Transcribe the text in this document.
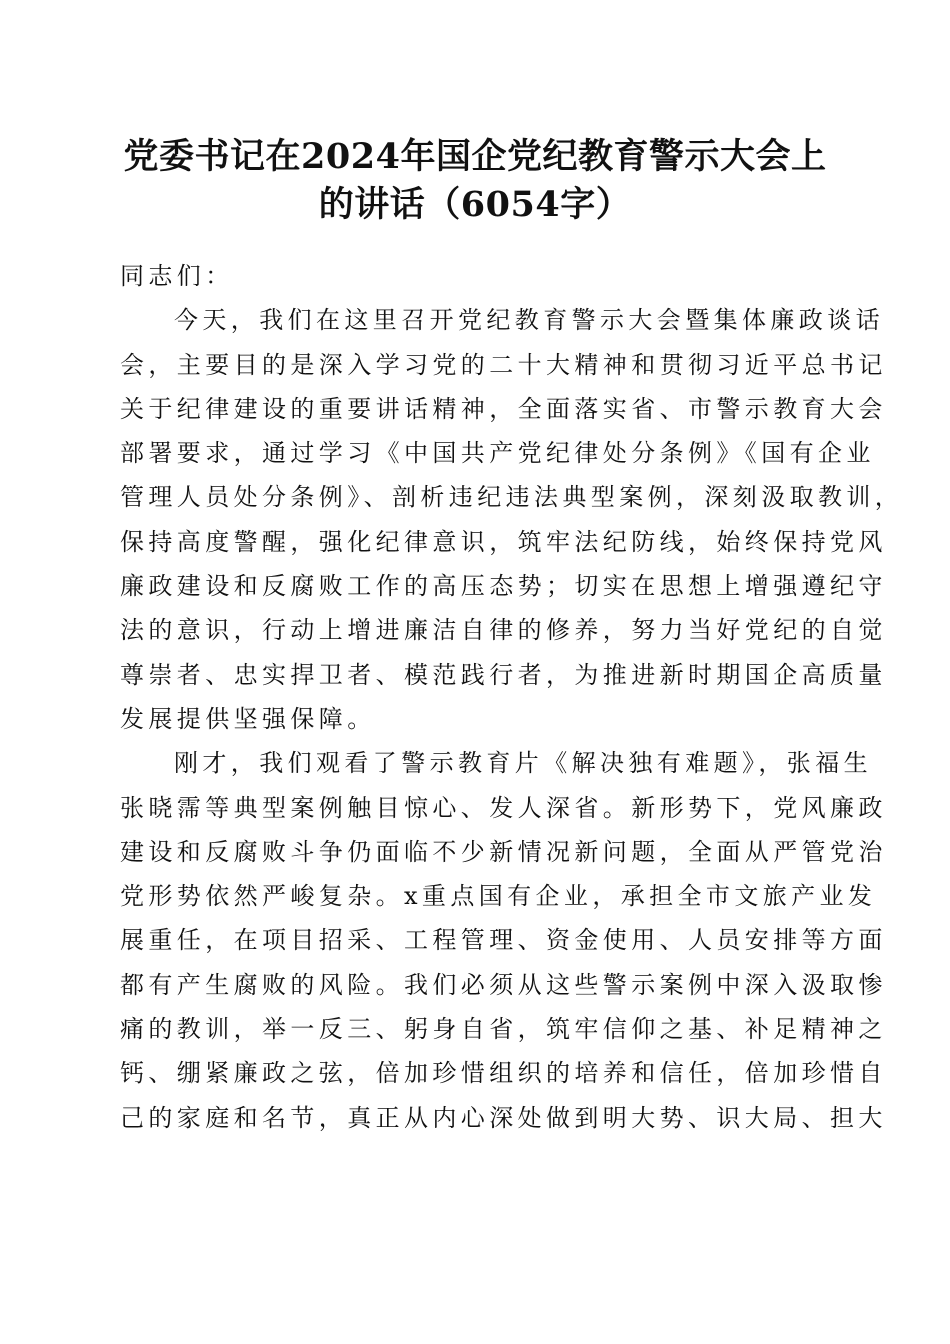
党委书记在2024年国企党纪教育警示大会上
的讲话（6054字）
同志们：
今天，我们在这里召开党纪教育警示大会暨集体廉政谈话
会，主要目的是深入学习党的二十大精神和贯彻习近平总书记
关于纪律建设的重要讲话精神，全面落实省、市警示教育大会
部署要求，通过学习《中国共产党纪律处分条例》《国有企业
管理人员处分条例》、剖析违纪违法典型案例，深刻汲取教训，
保持高度警醒，强化纪律意识，筑牢法纪防线，始终保持党风
廉政建设和反腐败工作的高压态势；切实在思想上增强遵纪守
法的意识，行动上增进廉洁自律的修养，努力当好党纪的自觉
尊崇者、忠实捍卫者、模范践行者，为推进新时期国企高质量
发展提供坚强保障。
刚才，我们观看了警示教育片《解决独有难题》，张福生
张晓霈等典型案例触目惊心、发人深省。新形势下，党风廉政
建设和反腐败斗争仍面临不少新情况新问题，全面从严管党治
党形势依然严峻复杂。x重点国有企业，承担全市文旅产业发
展重任，在项目招采、工程管理、资金使用、人员安排等方面
都有产生腐败的风险。我们必须从这些警示案例中深入汲取惨
痛的教训，举一反三、躬身自省，筑牢信仰之基、补足精神之
钙、绷紧廉政之弦，倍加珍惜组织的培养和信任，倍加珍惜自
己的家庭和名节，真正从内心深处做到明大势、识大局、担大
